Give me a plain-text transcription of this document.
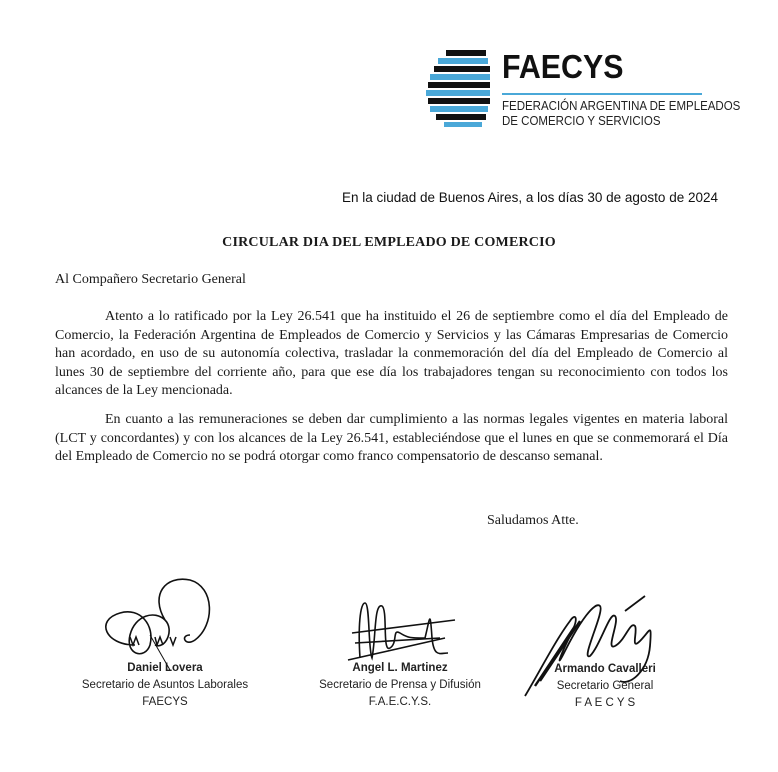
FAECYS
FEDERACIÓN ARGENTINA DE EMPLEADOS
DE COMERCIO Y SERVICIOS
En la ciudad de Buenos Aires, a los días 30 de agosto de 2024
CIRCULAR DIA DEL EMPLEADO DE COMERCIO
Al Compañero Secretario General
Atento a lo ratificado por la Ley 26.541 que ha instituido el 26 de septiembre como el día del Empleado de Comercio, la Federación Argentina de Empleados de Comercio y Servicios y las Cámaras Empresarias de Comercio han acordado, en uso de su autonomía colectiva, trasladar la conmemoración del día del Empleado de Comercio al lunes 30 de septiembre del corriente año, para que ese día los trabajadores tengan su reconocimiento con todos los alcances de la Ley mencionada.
En cuanto a las remuneraciones se deben dar cumplimiento a las normas legales vigentes en materia laboral (LCT y concordantes) y con los alcances de la Ley 26.541, estableciéndose que el lunes en que se conmemorará el Día del Empleado de Comercio no se podrá otorgar como franco compensatorio de descanso semanal.
Saludamos Atte.
Daniel Lovera
Secretario de Asuntos Laborales
FAECYS
Angel L. Martinez
Secretario de Prensa y Difusión
F.A.E.C.Y.S.
Armando Cavalleri
Secretario General
F A E C Y S
